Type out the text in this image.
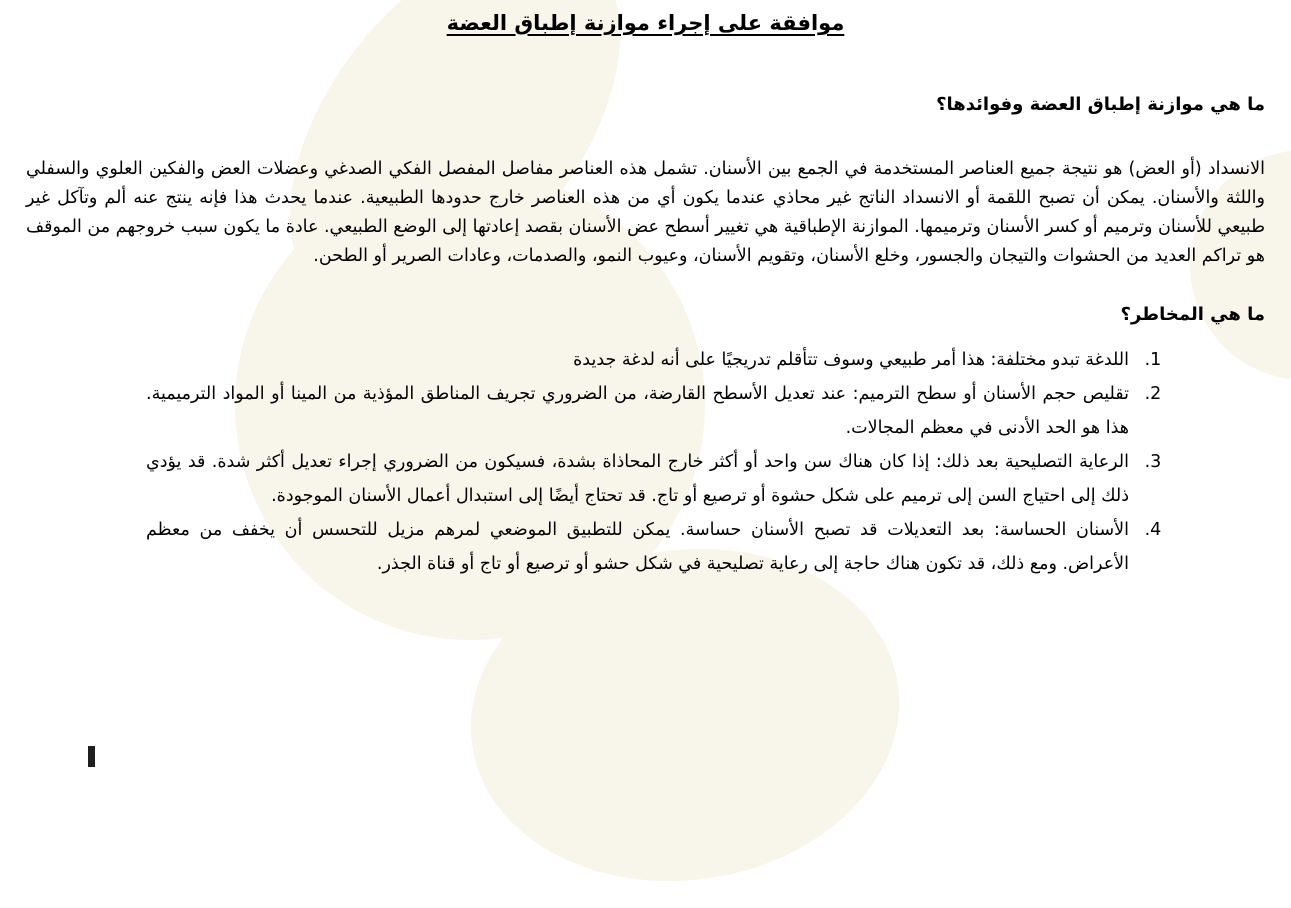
موافقة على إجراء موازنة إطباق العضة
ما هي موازنة إطباق العضة وفوائدها؟

الانسداد (أو العض) هو نتيجة جميع العناصر المستخدمة في الجمع بين الأسنان. تشمل هذه العناصر مفاصل المفصل الفكي الصدغي وعضلات العض والفكين العلوي والسفلي واللثة والأسنان. يمكن أن تصبح اللقمة أو الانسداد الناتج غير محاذي عندما يكون أي من هذه العناصر خارج حدودها الطبيعية. عندما يحدث هذا فإنه ينتج عنه ألم وتآكل غير طبيعي للأسنان وترميم أو كسر الأسنان وترميمها. الموازنة الإطباقية هي تغيير أسطح عض الأسنان بقصد إعادتها إلى الوضع الطبيعي. عادة ما يكون سبب خروجهم من الموقف هو تراكم العديد من الحشوات والتيجان والجسور، وخلع الأسنان، وتقويم الأسنان، وعيوب النمو، والصدمات، وعادات الصرير أو الطحن.

ما هي المخاطر؟
1. اللدغة تبدو مختلفة: هذا أمر طبيعي وسوف تتأقلم تدريجيًا على أنه لدغة جديدة
2. تقليص حجم الأسنان أو سطح الترميم: عند تعديل الأسطح القارضة، من الضروري تجريف المناطق المؤذية من المينا أو المواد الترميمية. هذا هو الحد الأدنى في معظم المجالات.
3. الرعاية التصليحية بعد ذلك: إذا كان هناك سن واحد أو أكثر خارج المحاذاة بشدة، فسيكون من الضروري إجراء تعديل أكثر شدة. قد يؤدي ذلك إلى احتياج السن إلى ترميم على شكل حشوة أو ترصيع أو تاج. قد تحتاج أيضًا إلى استبدال أعمال الأسنان الموجودة.
4. الأسنان الحساسة: بعد التعديلات قد تصبح الأسنان حساسة. يمكن للتطبيق الموضعي لمرهم مزيل للتحسس أن يخفف من معظم الأعراض. ومع ذلك، قد تكون هناك حاجة إلى رعاية تصليحية في شكل حشو أو ترصيع أو تاج أو قناة الجذر.
